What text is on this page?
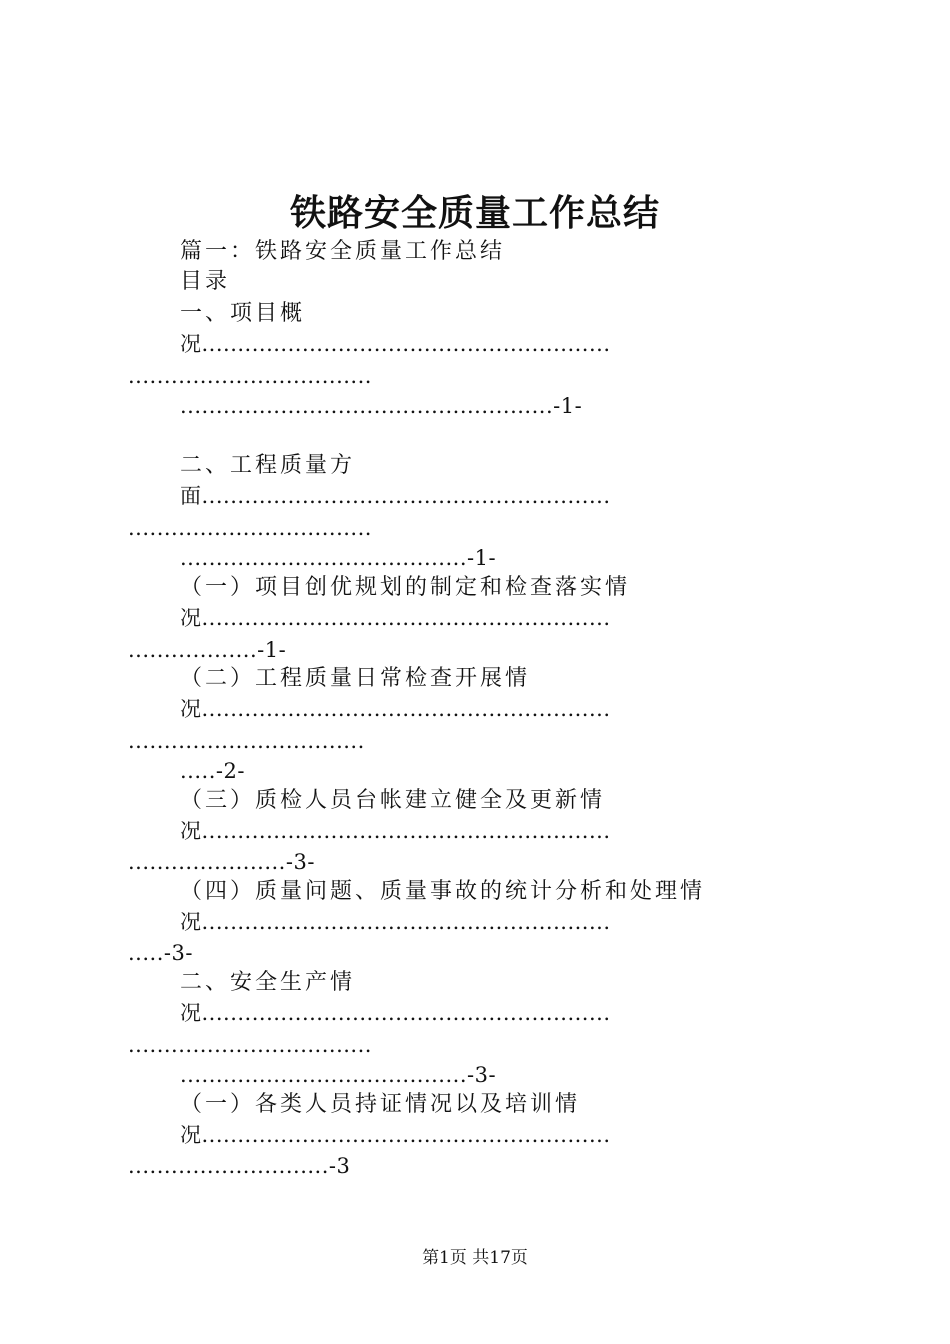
铁路安全质量工作总结
篇一：铁路安全质量工作总结
目录
一、项目概
况.........................................................
..................................
....................................................-1-
二、工程质量方
面.........................................................
..................................
........................................-1-
（一）项目创优规划的制定和检查落实情
况.........................................................
..................-1-
（二）工程质量日常检查开展情
况.........................................................
.................................
.....-2-
（三）质检人员台帐建立健全及更新情
况.........................................................
......................-3-
（四）质量问题、质量事故的统计分析和处理情
况.........................................................
.....-3-
二、安全生产情
况.........................................................
..................................
........................................-3-
（一）各类人员持证情况以及培训情
况.........................................................
............................-3
第1页 共17页
